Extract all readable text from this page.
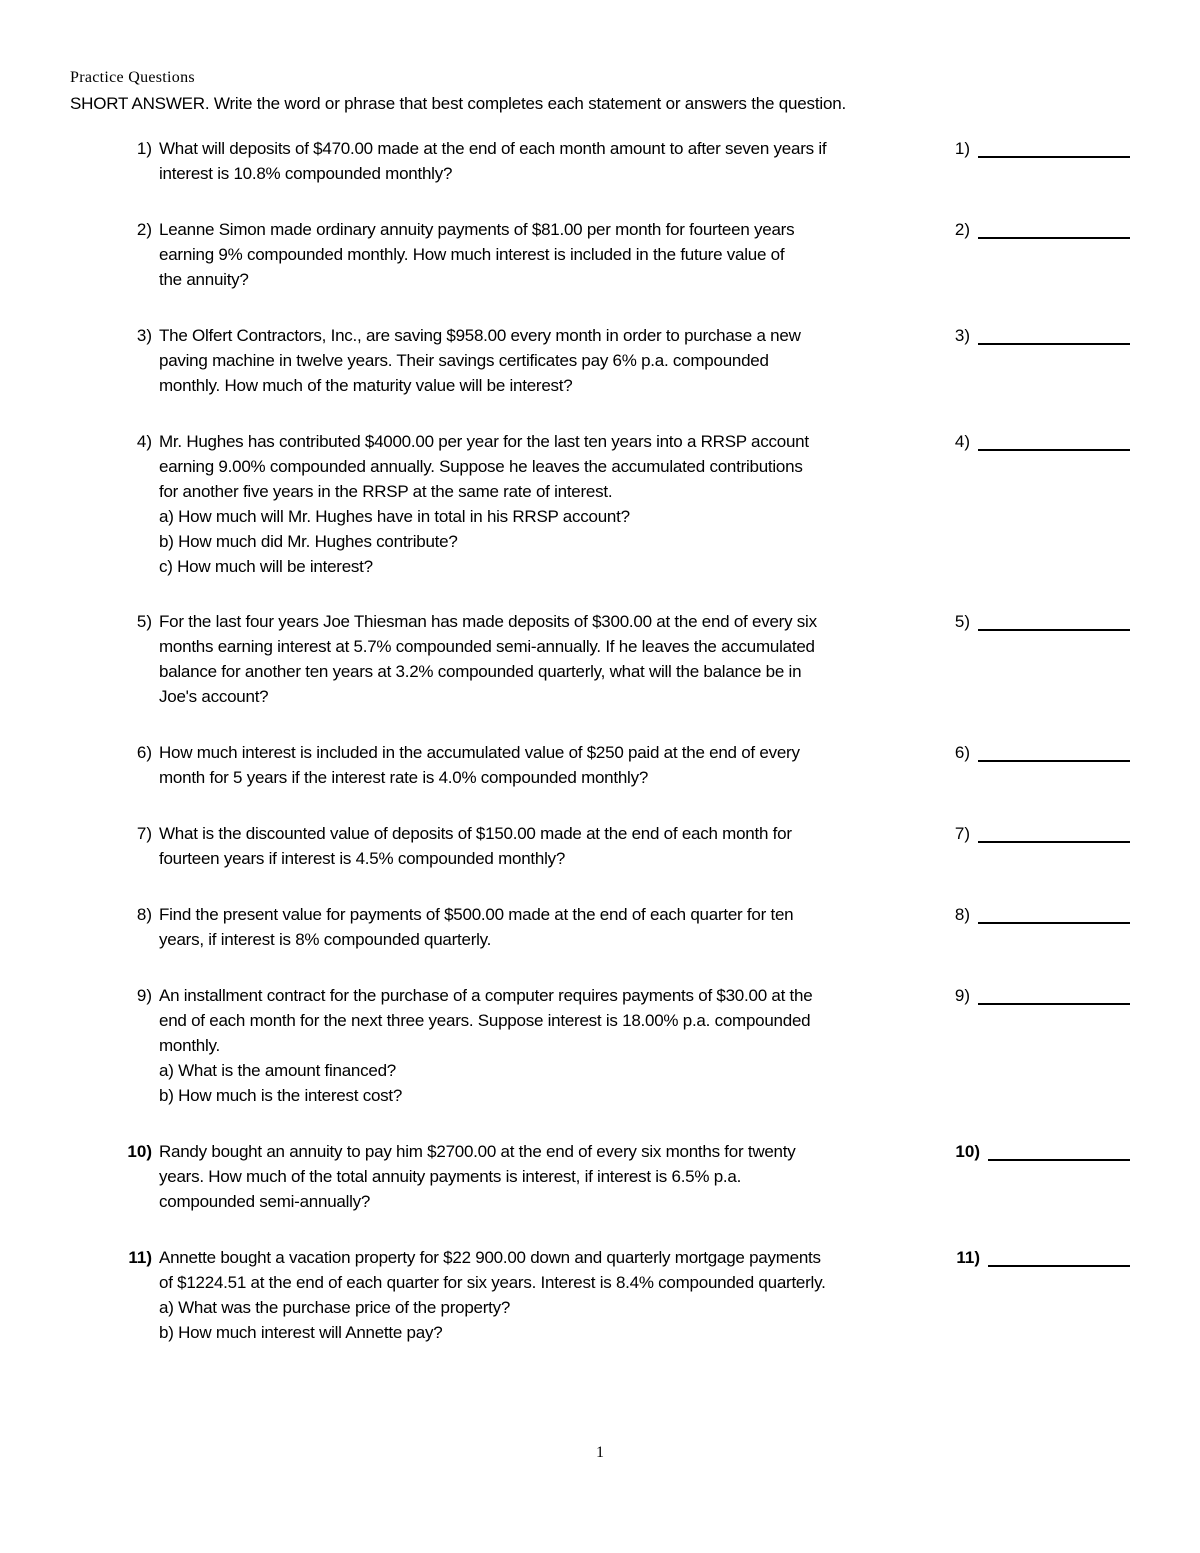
Practice Questions
SHORT ANSWER. Write the word or phrase that best completes each statement or answers the question.
1) What will deposits of $470.00 made at the end of each month amount to after seven years if
interest is 10.8% compounded monthly?
1)
2) Leanne Simon made ordinary annuity payments of $81.00 per month for fourteen years
earning 9% compounded monthly. How much interest is included in the future value of
the annuity?
2)
3) The Olfert Contractors, Inc., are saving $958.00 every month in order to purchase a new
paving machine in twelve years. Their savings certificates pay 6% p.a. compounded
monthly. How much of the maturity value will be interest?
3)
4) Mr. Hughes has contributed $4000.00 per year for the last ten years into a RRSP account
earning 9.00% compounded annually. Suppose he leaves the accumulated contributions
for another five years in the RRSP at the same rate of interest.
a) How much will Mr. Hughes have in total in his RRSP account?
b) How much did Mr. Hughes contribute?
c) How much will be interest?
4)
5) For the last four years Joe Thiesman has made deposits of $300.00 at the end of every six
months earning interest at 5.7% compounded semi-annually. If he leaves the accumulated
balance for another ten years at 3.2% compounded quarterly, what will the balance be in
Joe's account?
5)
6) How much interest is included in the accumulated value of $250 paid at the end of every
month for 5 years if the interest rate is 4.0% compounded monthly?
6)
7) What is the discounted value of deposits of $150.00 made at the end of each month for
fourteen years if interest is 4.5% compounded monthly?
7)
8) Find the present value for payments of $500.00 made at the end of each quarter for ten
years, if interest is 8% compounded quarterly.
8)
9) An installment contract for the purchase of a computer requires payments of $30.00 at the
end of each month for the next three years. Suppose interest is 18.00% p.a. compounded
monthly.
a) What is the amount financed?
b) How much is the interest cost?
9)
10) Randy bought an annuity to pay him $2700.00 at the end of every six months for twenty
years. How much of the total annuity payments is interest, if interest is 6.5% p.a.
compounded semi-annually?
10)
11) Annette bought a vacation property for $22 900.00 down and quarterly mortgage payments
of $1224.51 at the end of each quarter for six years. Interest is 8.4% compounded quarterly.
a) What was the purchase price of the property?
b) How much interest will Annette pay?
11)
1
